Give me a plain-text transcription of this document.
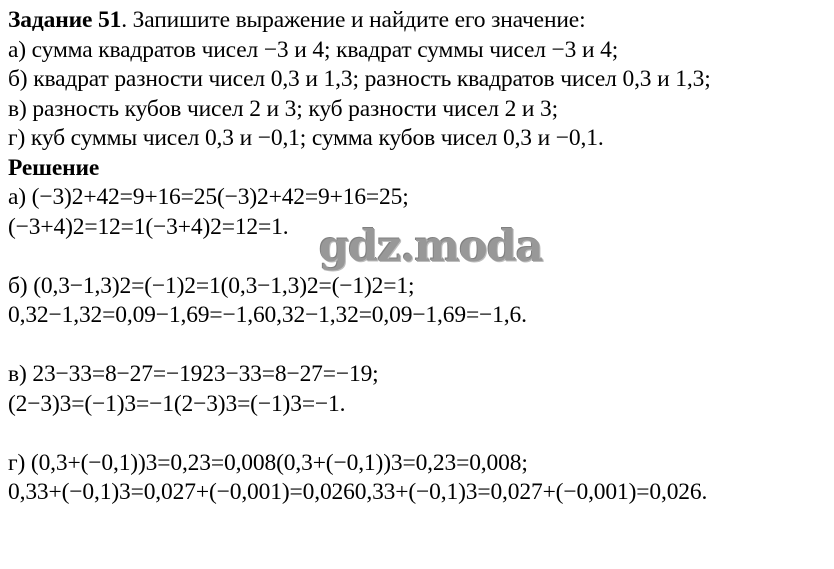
Задание 51. Запишите выражение и найдите его значение:
а) сумма квадратов чисел −3 и 4; квадрат суммы чисел −3 и 4;
б) квадрат разности чисел 0,3 и 1,3; разность квадратов чисел 0,3 и 1,3;
в) разность кубов чисел 2 и 3; куб разности чисел 2 и 3;
г) куб суммы чисел 0,3 и −0,1; сумма кубов чисел 0,3 и −0,1.
Решение
а) (−3)2+42=9+16=25(−3)2+42=9+16=25;
(−3+4)2=12=1(−3+4)2=12=1.
б) (0,3−1,3)2=(−1)2=1(0,3−1,3)2=(−1)2=1;
0,32−1,32=0,09−1,69=−1,60,32−1,32=0,09−1,69=−1,6.
в) 23−33=8−27=−1923−33=8−27=−19;
(2−3)3=(−1)3=−1(2−3)3=(−1)3=−1.
г) (0,3+(−0,1))3=0,23=0,008(0,3+(−0,1))3=0,23=0,008;
0,33+(−0,1)3=0,027+(−0,001)=0,0260,33+(−0,1)3=0,027+(−0,001)=0,026.
gdz.moda
